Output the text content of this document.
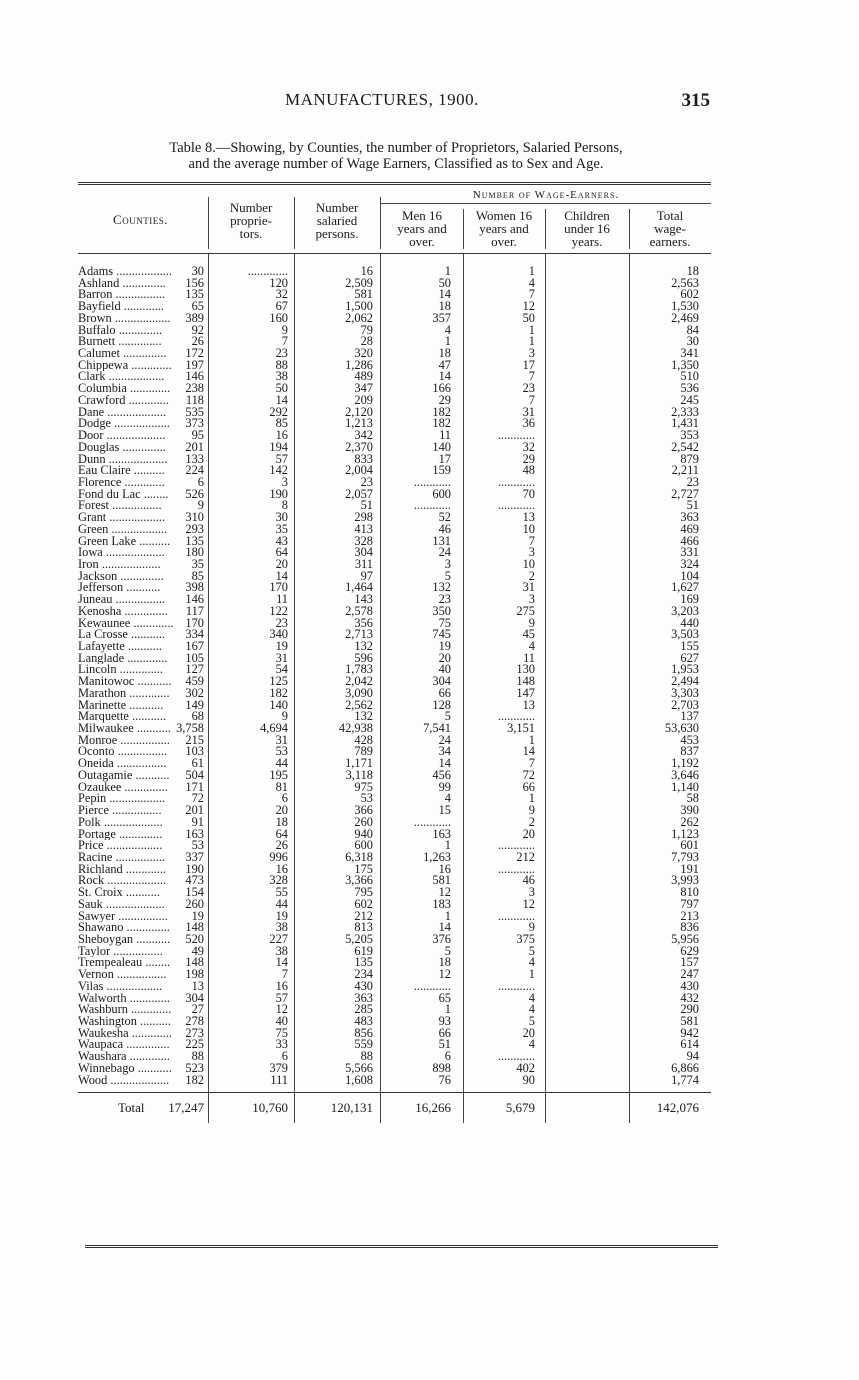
MANUFACTURES, 1900.	315
Table 8.—Showing, by Counties, the number of Proprietors, Salaried Persons,
and the average number of Wage Earners, Classified as to Sex and Age.
Counties.
Number
proprie-
tors.
Number
salaried
persons.
Number of Wage-Earners.
Men 16
years and
over.
Women 16
years and
over.
Children
under 16
years.
Total
wage-
earners.
Adams ..................	30	.............	16	1	1	18
Ashland ..............	156	120	2,509	50	4	2,563
Barron ................	135	32	581	14	7	602
Bayfield .............	65	67	1,500	18	12	1,530
Brown ..................	389	160	2,062	357	50	2,469
Buffalo ..............	92	9	79	4	1	84
Burnett ..............	26	7	28	1	1	30
Calumet ..............	172	23	320	18	3	341
Chippewa .............	197	88	1,286	47	17	1,350
Clark ..................	146	38	489	14	7	510
Columbia .............	238	50	347	166	23	536
Crawford .............	118	14	209	29	7	245
Dane ...................	535	292	2,120	182	31	2,333
Dodge ..................	373	85	1,213	182	36	1,431
Door ...................	95	16	342	11	............	353
Douglas ..............	201	194	2,370	140	32	2,542
Dunn ...................	133	57	833	17	29	879
Eau Claire ..........	224	142	2,004	159	48	2,211
Florence .............	6	3	23	............	............	23
Fond du Lac ........	526	190	2,057	600	70	2,727
Forest ................	9	8	51	............	............	51
Grant ..................	310	30	298	52	13	363
Green ..................	293	35	413	46	10	469
Green Lake ..........	135	43	328	131	7	466
Iowa ...................	180	64	304	24	3	331
Iron ...................	35	20	311	3	10	324
Jackson ..............	85	14	97	5	2	104
Jefferson ...........	398	170	1,464	132	31	1,627
Juneau ................	146	11	143	23	3	169
Kenosha ..............	117	122	2,578	350	275	3,203
Kewaunee ............. 170	23	356	75	9	440
La Crosse ...........	334	340	2,713	745	45	3,503
Lafayette ...........	167	19	132	19	4	155
Langlade .............	105	31	596	20	11	627
Lincoln ..............	127	54	1,783	40	130	1,953
Manitowoc ...........	459	125	2,042	304	148	2,494
Marathon .............	302	182	3,090	66	147	3,303
Marinette ...........	149	140	2,562	128	13	2,703
Marquette ...........	68	9	132	5	............	137
Milwaukee ........... 3,758	4,694	42,938	7,541	3,151	53,630
Monroe ................	215	31	428	24	1	453
Oconto ................	103	53	789	34	14	837
Oneida ................	61	44	1,171	14	7	1,192
Outagamie ...........	504	195	3,118	456	72	3,646
Ozaukee ..............	171	81	975	99	66	1,140
Pepin ..................	72	6	53	4	1	58
Pierce ................	201	20	366	15	9	390
Polk ...................	91	18	260	............	2	262
Portage ..............	163	64	940	163	20	1,123
Price ..................	53	26	600	1	............	601
Racine ................	337	996	6,318	1,263	212	7,793
Richland .............	190	16	175	16	............	191
Rock ...................	473	328	3,366	581	46	3,993
St. Croix ...........	154	55	795	12	3	810
Sauk ...................	260	44	602	183	12	797
Sawyer ................	19	19	212	1	............	213
Shawano ..............	148	38	813	14	9	836
Sheboygan ...........	520	227	5,205	376	375	5,956
Taylor ................	49	38	619	5	5	629
Trempealeau ........	148	14	135	18	4	157
Vernon ................	198	7	234	12	1	247
Vilas ..................	13	16	430	............	............	430
Walworth .............	304	57	363	65	4	432
Washburn .............	27	12	285	1	4	290
Washington ..........	278	40	483	93	5	581
Waukesha .............	273	75	856	66	20	942
Waupaca ..............	225	33	559	51	4	614
Waushara .............	88	6	88	6	............	94
Winnebago ...........	523	379	5,566	898	402	6,866
Wood ...................	182	111	1,608	76	90	1,774
Total	17,247	10,760	120,131	16,266	5,679	142,076
